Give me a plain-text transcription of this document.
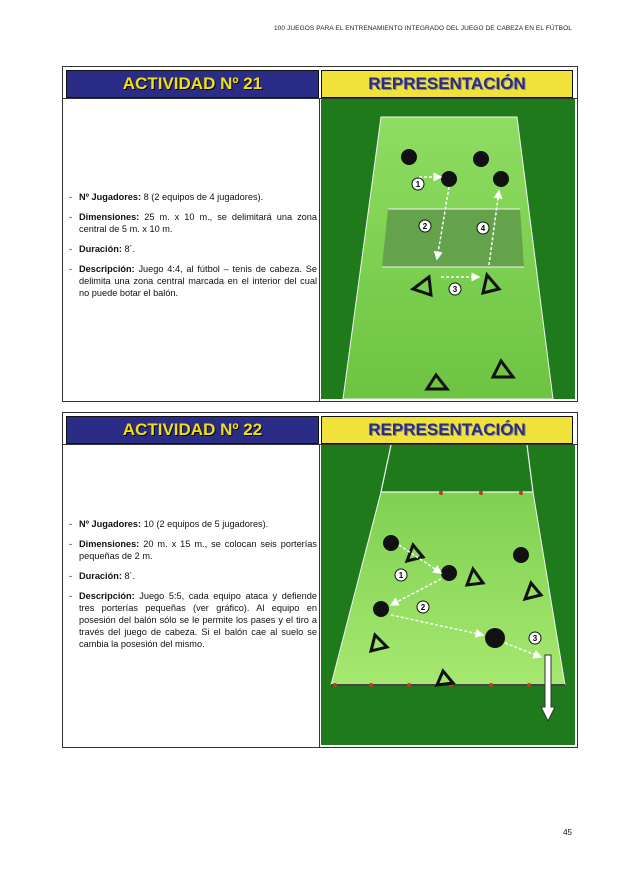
100 JUEGOS PARA EL ENTRENAMIENTO INTEGRADO DEL JUEGO DE CABEZA EN EL FÚTBOL
ACTIVIDAD Nº 21	REPRESENTACIÓN

- Nº Jugadores: 8 (2 equipos de 4 jugadores).

- Dimensiones: 25 m. x 10 m., se delimitará una zona central de 5 m. x 10 m.

- Duración: 8´.

- Descripción: Juego 4:4, al fútbol – tenis de cabeza. Se delimita una zona central marcada en el interior del cual no puede botar el balón.

1
2
3
4
ACTIVIDAD Nº 22	REPRESENTACIÓN

- Nº Jugadores: 10 (2 equipos de 5 jugadores).

- Dimensiones: 20 m. x 15 m., se colocan seis porterías pequeñas de 2 m.

- Duración: 8´.

- Descripción: Juego 5:5, cada equipo ataca y defiende tres porterías pequeñas (ver gráfico). Al equipo en posesión del balón sólo se le permite los pases y el tiro a través del juego de cabeza. Si el balón cae al suelo se cambia la posesión del mismo.

1
2
3
45
